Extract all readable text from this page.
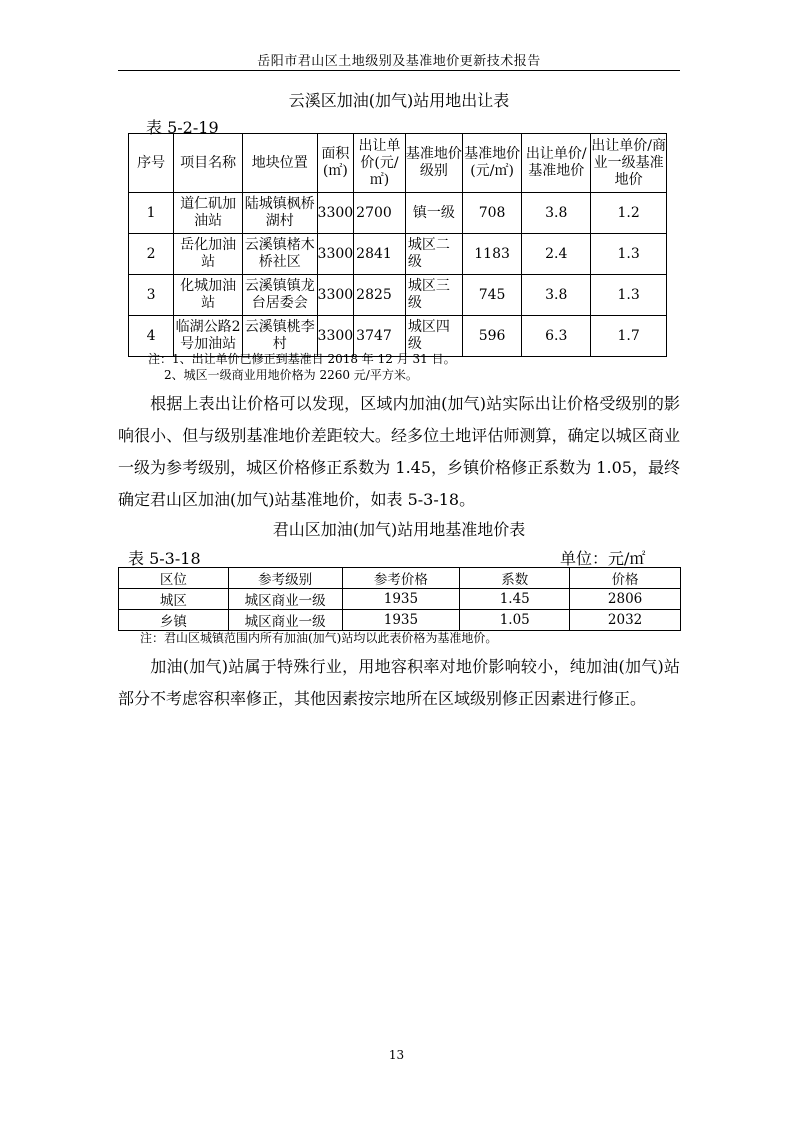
岳阳市君山区土地级别及基准地价更新技术报告
云溪区加油(加气)站用地出让表
表 5-2-19
序号	项目名称	地块位置	面积(㎡)	出让单价(元/㎡)	基准地价级别	基准地价(元/㎡)	出让单价/基准地价	出让单价/商业一级基准地价
1	道仁矶加油站	陆城镇枫桥湖村	3300	2700	镇一级	708	3.8	1.2
2	岳化加油站	云溪镇楮木桥社区	3300	2841	城区二级	1183	2.4	1.3
3	化城加油站	云溪镇镇龙台居委会	3300	2825	城区三级	745	3.8	1.3
4	临湖公路2号加油站	云溪镇桃李村	3300	3747	城区四级	596	6.3	1.7
注：1、出让单价已修正到基准日 2018 年 12 月 31 日。
2、城区一级商业用地价格为 2260 元/平方米。
根据上表出让价格可以发现，区域内加油(加气)站实际出让价格受级别的影响很小、但与级别基准地价差距较大。经多位土地评估师测算，确定以城区商业一级为参考级别，城区价格修正系数为 1.45，乡镇价格修正系数为 1.05，最终确定君山区加油(加气)站基准地价，如表 5-3-18。
君山区加油(加气)站用地基准地价表
表 5-3-18	单位：元/㎡
区位	参考级别	参考价格	系数	价格
城区	城区商业一级	1935	1.45	2806
乡镇	城区商业一级	1935	1.05	2032
注：君山区城镇范围内所有加油(加气)站均以此表价格为基准地价。
加油(加气)站属于特殊行业，用地容积率对地价影响较小，纯加油(加气)站部分不考虑容积率修正，其他因素按宗地所在区域级别修正因素进行修正。
13
